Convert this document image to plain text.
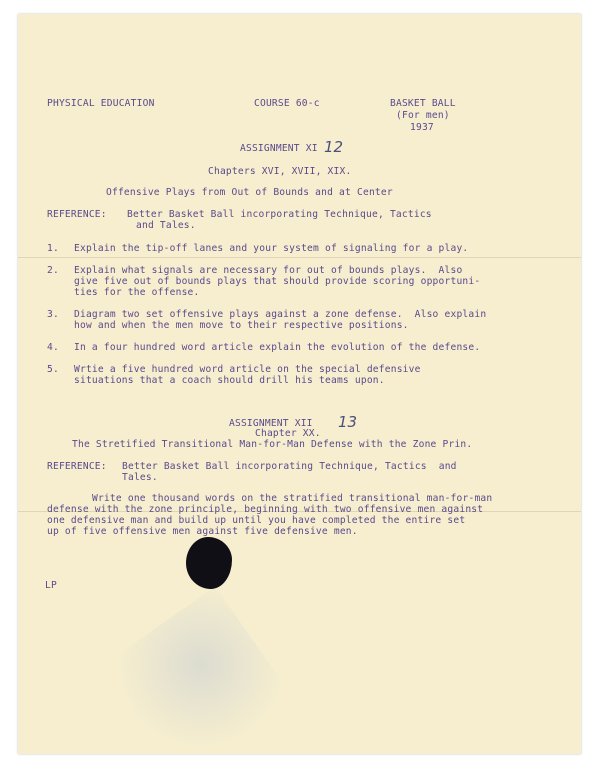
PHYSICAL EDUCATION	COURSE 60-c	BASKET BALL
(For men)
1937
ASSIGNMENT XI 12
Chapters XVI, XVII, XIX.
Offensive Plays from Out of Bounds and at Center
REFERENCE: Better Basket Ball incorporating Technique, Tactics
and Tales.
1. Explain the tip-off lanes and your system of signaling for a play.
2. Explain what signals are necessary for out of bounds plays.  Also
give five out of bounds plays that should provide scoring opportuni-
ties for the offense.
3. Diagram two set offensive plays against a zone defense.  Also explain
how and when the men move to their respective positions.
4. In a four hundred word article explain the evolution of the defense.
5. Wrtie a five hundred word article on the special defensive
situations that a coach should drill his teams upon.
ASSIGNMENT XII 13
Chapter XX.
The Stretified Transitional Man-for-Man Defense with the Zone Prin.
REFERENCE: Better Basket Ball incorporating Technique, Tactics  and
Tales.
Write one thousand words on the stratified transitional man-for-man
defense with the zone principle, beginning with two offensive men against
one defensive man and build up until you have completed the entire set
up of five offensive men against five defensive men.
LP
